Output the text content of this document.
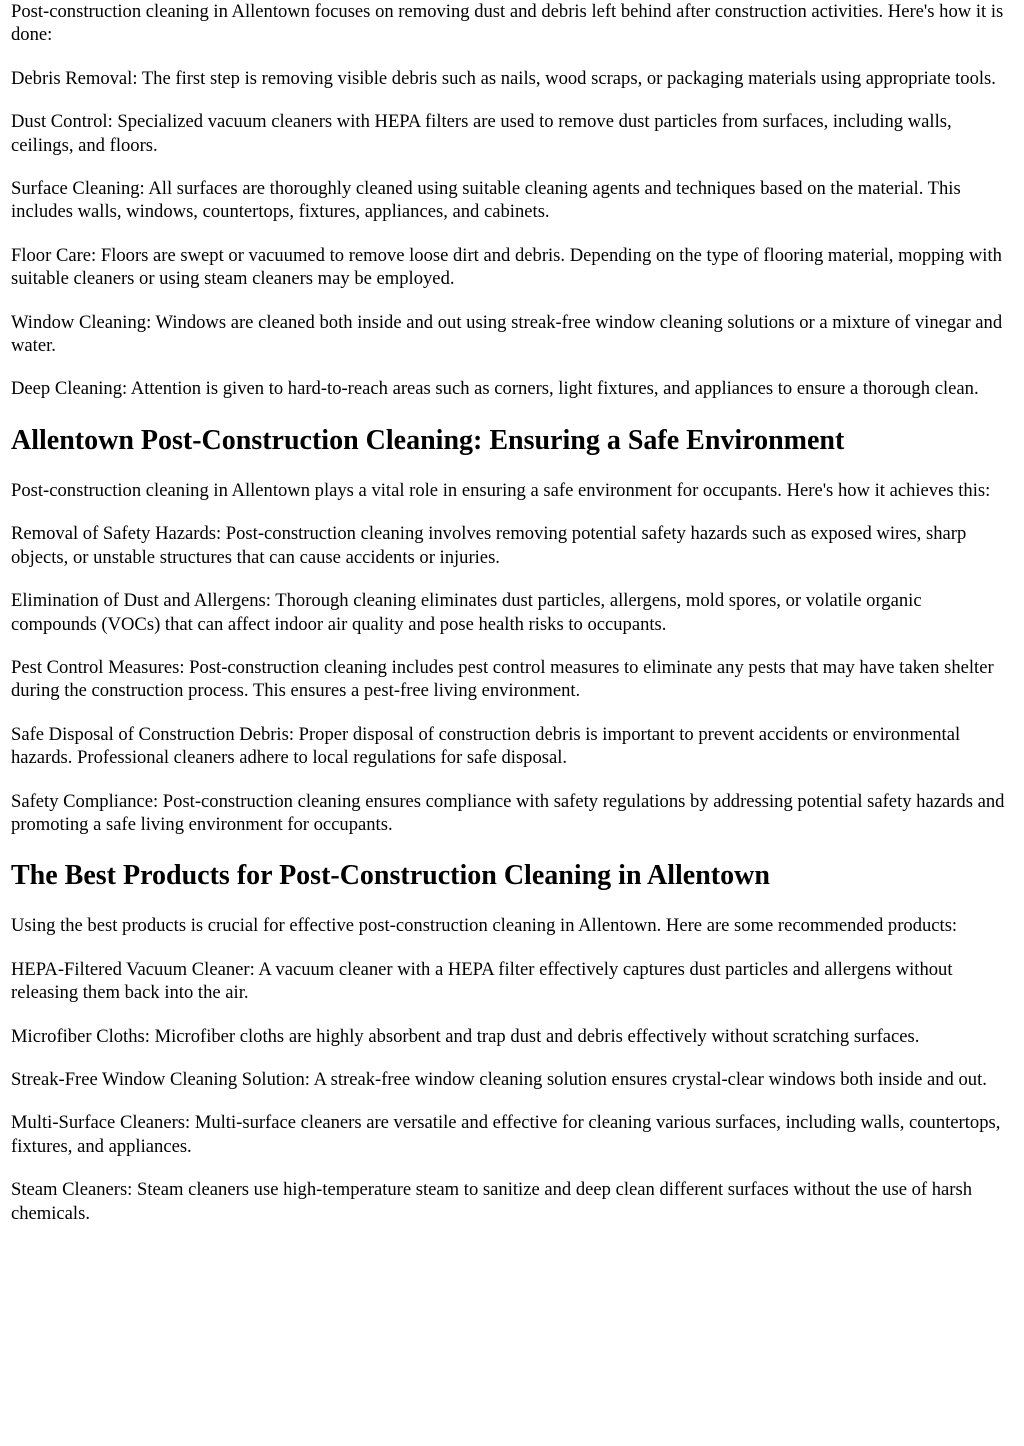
Post-construction cleaning in Allentown focuses on removing dust and debris left behind after construction activities. Here's how it is done:

Debris Removal: The first step is removing visible debris such as nails, wood scraps, or packaging materials using appropriate tools.

Dust Control: Specialized vacuum cleaners with HEPA filters are used to remove dust particles from surfaces, including walls, ceilings, and floors.

Surface Cleaning: All surfaces are thoroughly cleaned using suitable cleaning agents and techniques based on the material. This includes walls, windows, countertops, fixtures, appliances, and cabinets.

Floor Care: Floors are swept or vacuumed to remove loose dirt and debris. Depending on the type of flooring material, mopping with suitable cleaners or using steam cleaners may be employed.

Window Cleaning: Windows are cleaned both inside and out using streak-free window cleaning solutions or a mixture of vinegar and water.

Deep Cleaning: Attention is given to hard-to-reach areas such as corners, light fixtures, and appliances to ensure a thorough clean.

Allentown Post-Construction Cleaning: Ensuring a Safe Environment

Post-construction cleaning in Allentown plays a vital role in ensuring a safe environment for occupants. Here's how it achieves this:

Removal of Safety Hazards: Post-construction cleaning involves removing potential safety hazards such as exposed wires, sharp objects, or unstable structures that can cause accidents or injuries.

Elimination of Dust and Allergens: Thorough cleaning eliminates dust particles, allergens, mold spores, or volatile organic compounds (VOCs) that can affect indoor air quality and pose health risks to occupants.

Pest Control Measures: Post-construction cleaning includes pest control measures to eliminate any pests that may have taken shelter during the construction process. This ensures a pest-free living environment.

Safe Disposal of Construction Debris: Proper disposal of construction debris is important to prevent accidents or environmental hazards. Professional cleaners adhere to local regulations for safe disposal.

Safety Compliance: Post-construction cleaning ensures compliance with safety regulations by addressing potential safety hazards and promoting a safe living environment for occupants.

The Best Products for Post-Construction Cleaning in Allentown

Using the best products is crucial for effective post-construction cleaning in Allentown. Here are some recommended products:

HEPA-Filtered Vacuum Cleaner: A vacuum cleaner with a HEPA filter effectively captures dust particles and allergens without releasing them back into the air.

Microfiber Cloths: Microfiber cloths are highly absorbent and trap dust and debris effectively without scratching surfaces.

Streak-Free Window Cleaning Solution: A streak-free window cleaning solution ensures crystal-clear windows both inside and out.

Multi-Surface Cleaners: Multi-surface cleaners are versatile and effective for cleaning various surfaces, including walls, countertops, fixtures, and appliances.

Steam Cleaners: Steam cleaners use high-temperature steam to sanitize and deep clean different surfaces without the use of harsh chemicals.
